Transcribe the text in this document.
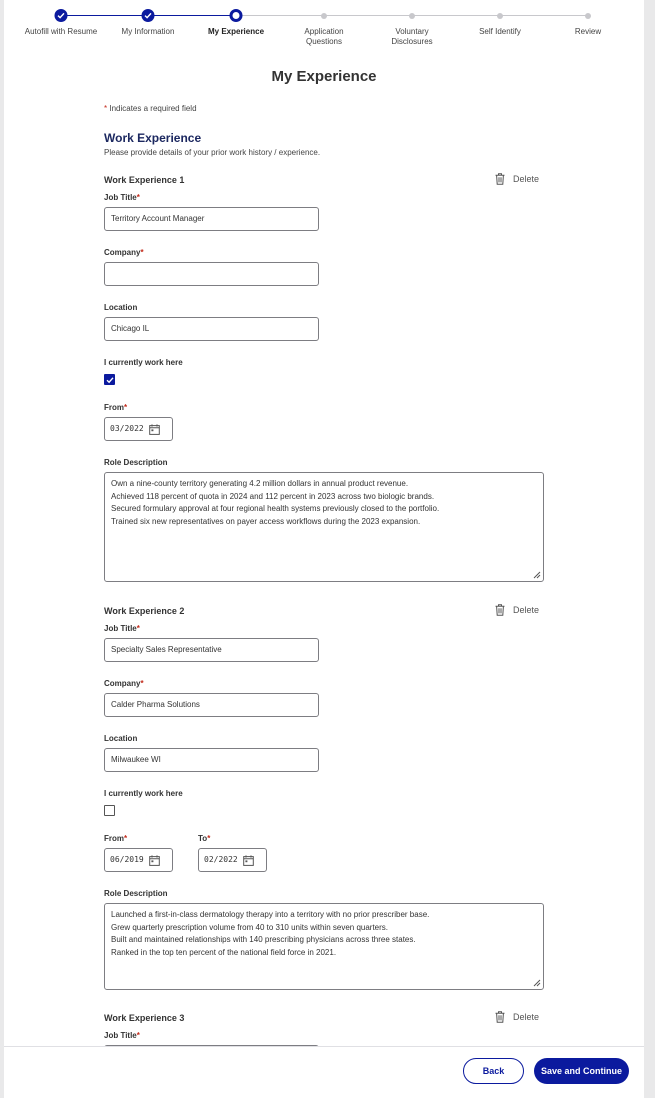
Autofill with Resume	My Information	My Experience	Application Questions
Voluntary Disclosures
Self Identify	Review
My Experience
* Indicates a required field
Work Experience
Please provide details of your prior work history / experience.
Work Experience 1	Delete
Job Title*
Territory Account Manager
Company*
Location
Chicago IL
I currently work here
From*
03/2022
Role Description
Own a nine-county territory generating 4.2 million dollars in annual product revenue.
Achieved 118 percent of quota in 2024 and 112 percent in 2023 across two biologic brands.
Secured formulary approval at four regional health systems previously closed to the portfolio.
Trained six new representatives on payer access workflows during the 2023 expansion.
Work Experience 2	Delete
Job Title*
Specialty Sales Representative
Company*
Calder Pharma Solutions
Location
Milwaukee WI
I currently work here
From*
06/2019
To*
02/2022
Role Description
Launched a first-in-class dermatology therapy into a territory with no prior prescriber base.
Grew quarterly prescription volume from 40 to 310 units within seven quarters.
Built and maintained relationships with 140 prescribing physicians across three states.
Ranked in the top ten percent of the national field force in 2021.
Work Experience 3	Delete
Job Title*
Back	Save and Continue
